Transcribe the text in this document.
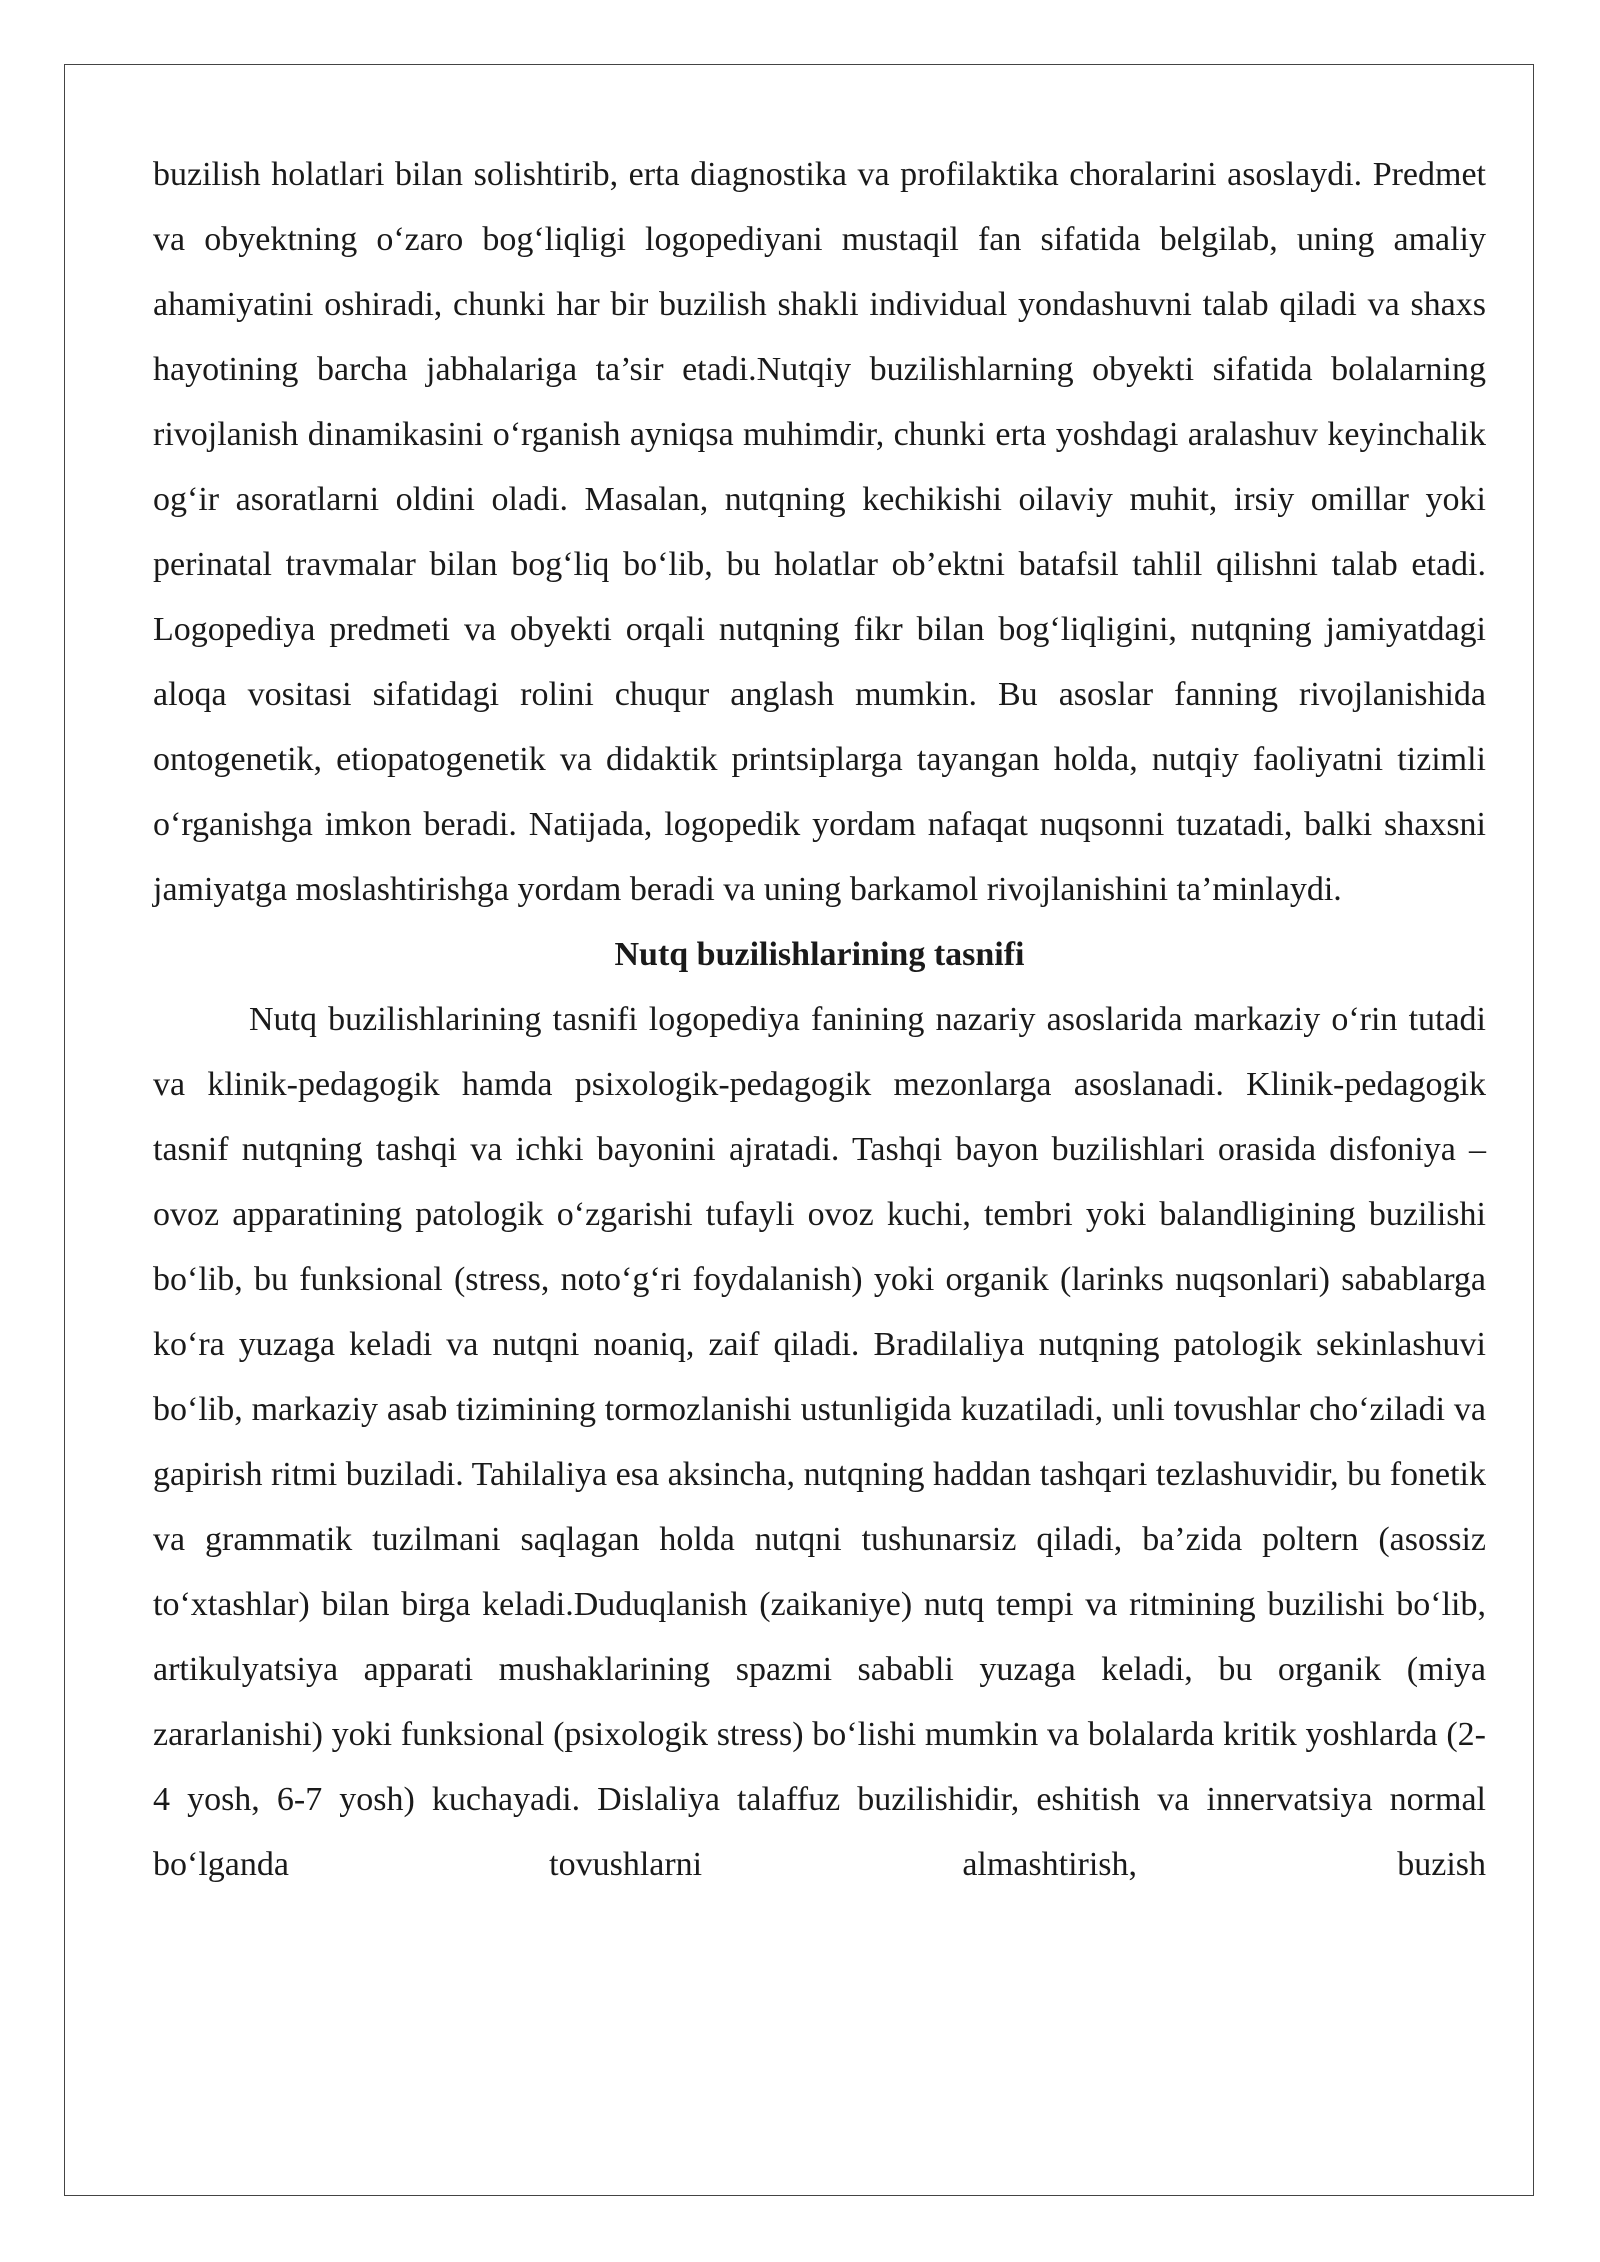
buzilish holatlari bilan solishtirib, erta diagnostika va profilaktika choralarini asoslaydi. Predmet va obyektning o‘zaro bog‘liqligi logopediyani mustaqil fan sifatida belgilab, uning amaliy ahamiyatini oshiradi, chunki har bir buzilish shakli individual yondashuvni talab qiladi va shaxs hayotining barcha jabhalariga ta’sir etadi.Nutqiy buzilishlarning obyekti sifatida bolalarning rivojlanish dinamikasini o‘rganish ayniqsa muhimdir, chunki erta yoshdagi aralashuv keyinchalik og‘ir asoratlarni oldini oladi. Masalan, nutqning kechikishi oilaviy muhit, irsiy omillar yoki perinatal travmalar bilan bog‘liq bo‘lib, bu holatlar ob’ektni batafsil tahlil qilishni talab etadi. Logopediya predmeti va obyekti orqali nutqning fikr bilan bog‘liqligini, nutqning jamiyatdagi aloqa vositasi sifatidagi rolini chuqur anglash mumkin. Bu asoslar fanning rivojlanishida ontogenetik, etiopatogenetik va didaktik printsiplarga tayangan holda, nutqiy faoliyatni tizimli o‘rganishga imkon beradi. Natijada, logopedik yordam nafaqat nuqsonni tuzatadi, balki shaxsni jamiyatga moslashtirishga yordam beradi va uning barkamol rivojlanishini ta’minlaydi.

Nutq buzilishlarining tasnifi

Nutq buzilishlarining tasnifi logopediya fanining nazariy asoslarida markaziy o‘rin tutadi va klinik-pedagogik hamda psixologik-pedagogik mezonlarga asoslanadi. Klinik-pedagogik tasnif nutqning tashqi va ichki bayonini ajratadi. Tashqi bayon buzilishlari orasida disfoniya – ovoz apparatining patologik o‘zgarishi tufayli ovoz kuchi, tembri yoki balandligining buzilishi bo‘lib, bu funksional (stress, noto‘g‘ri foydalanish) yoki organik (larinks nuqsonlari) sabablarga ko‘ra yuzaga keladi va nutqni noaniq, zaif qiladi. Bradilaliya nutqning patologik sekinlashuvi bo‘lib, markaziy asab tizimining tormozlanishi ustunligida kuzatiladi, unli tovushlar cho‘ziladi va gapirish ritmi buziladi. Tahilaliya esa aksincha, nutqning haddan tashqari tezlashuvidir, bu fonetik va grammatik tuzilmani saqlagan holda nutqni tushunarsiz qiladi, ba’zida poltern (asossiz to‘xtashlar) bilan birga keladi.Duduqlanish (zaikaniye) nutq tempi va ritmining buzilishi bo‘lib, artikulyatsiya apparati mushaklarining spazmi sababli yuzaga keladi, bu organik (miya zararlanishi) yoki funksional (psixologik stress) bo‘lishi mumkin va bolalarda kritik yoshlarda (2-4 yosh, 6-7 yosh) kuchayadi. Dislaliya talaffuz buzilishidir, eshitish va innervatsiya normal bo‘lganda tovushlarni almashtirish, buzish
